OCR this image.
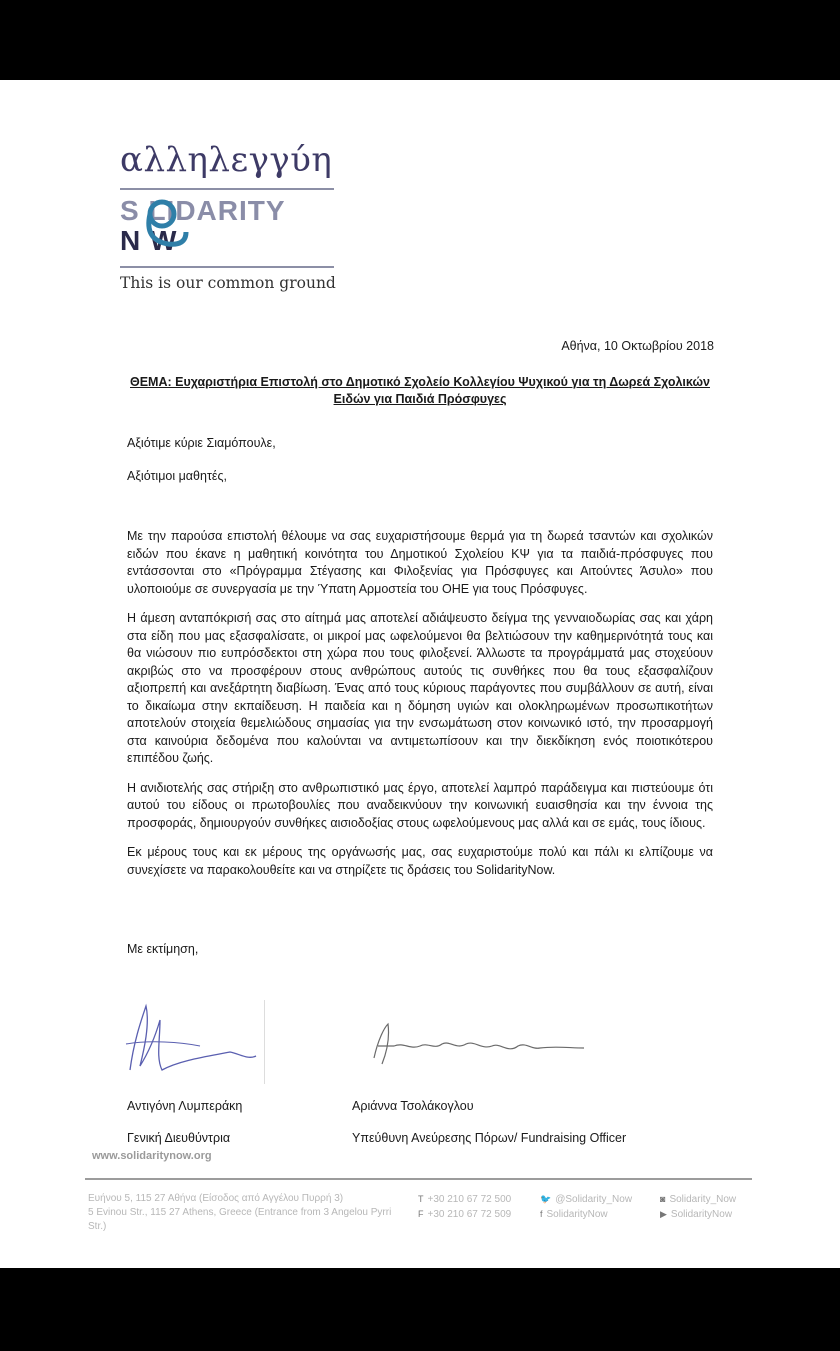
αλληλεγγύη
S LIDARITY
N W
This is our common ground
Αθήνα, 10 Οκτωβρίου 2018
ΘΕΜΑ: Ευχαριστήρια Επιστολή στο Δημοτικό Σχολείο Κολλεγίου Ψυχικού για τη Δωρεά Σχολικών Ειδών για Παιδιά Πρόσφυγες
Αξιότιμε κύριε Σιαμόπουλε,
Αξιότιμοι μαθητές,

Με την παρούσα επιστολή θέλουμε να σας ευχαριστήσουμε θερμά για τη δωρεά τσαντών και σχολικών ειδών που έκανε η μαθητική κοινότητα του Δημοτικού Σχολείου ΚΨ για τα παιδιά-πρόσφυγες που εντάσσονται στο «Πρόγραμμα Στέγασης και Φιλοξενίας για Πρόσφυγες και Αιτούντες Άσυλο» που υλοποιούμε σε συνεργασία με την Ύπατη Αρμοστεία του ΟΗΕ για τους Πρόσφυγες.

Η άμεση ανταπόκρισή σας στο αίτημά μας αποτελεί αδιάψευστο δείγμα της γενναιοδωρίας σας και χάρη στα είδη που μας εξασφαλίσατε, οι μικροί μας ωφελούμενοι θα βελτιώσουν την καθημερινότητά τους και θα νιώσουν πιο ευπρόσδεκτοι στη χώρα που τους φιλοξενεί. Άλλωστε τα προγράμματά μας στοχεύουν ακριβώς στο να προσφέρουν στους ανθρώπους αυτούς τις συνθήκες που θα τους εξασφαλίζουν αξιοπρεπή και ανεξάρτητη διαβίωση. Ένας από τους κύριους παράγοντες που συμβάλλουν σε αυτή, είναι το δικαίωμα στην εκπαίδευση. Η παιδεία και η δόμηση υγιών και ολοκληρωμένων προσωπικοτήτων αποτελούν στοιχεία θεμελιώδους σημασίας για την ενσωμάτωση στον κοινωνικό ιστό, την προσαρμογή στα καινούρια δεδομένα που καλούνται να αντιμετωπίσουν και την διεκδίκηση ενός ποιοτικότερου επιπέδου ζωής.

Η ανιδιοτελής σας στήριξη στο ανθρωπιστικό μας έργο, αποτελεί λαμπρό παράδειγμα και πιστεύουμε ότι αυτού του είδους οι πρωτοβουλίες που αναδεικνύουν την κοινωνική ευαισθησία και την έννοια της προσφοράς, δημιουργούν συνθήκες αισιοδοξίας στους ωφελούμενους μας αλλά και σε εμάς, τους ίδιους.

Εκ μέρους τους και εκ μέρους της οργάνωσής μας, σας ευχαριστούμε πολύ και πάλι κι ελπίζουμε να συνεχίσετε να παρακολουθείτε και να στηρίζετε τις δράσεις του SolidarityNow.

Με εκτίμηση,
Αντιγόνη Λυμπεράκη
Γενική Διευθύντρια
Αριάννα Τσολάκογλου
Υπεύθυνη Ανεύρεσης Πόρων/ Fundraising Officer
www.solidaritynow.org
Ευήνου 5, 115 27 Αθήνα (Είσοδος από Αγγέλου Πυρρή 3)
5 Evinou Str., 115 27 Athens, Greece (Entrance from 3 Angelou Pyrri Str.)
T +30 210 67 72 500
F +30 210 67 72 509
🐦 @Solidarity_Now
f SolidarityNow
◙ Solidarity_Now
▶ SolidarityNow
